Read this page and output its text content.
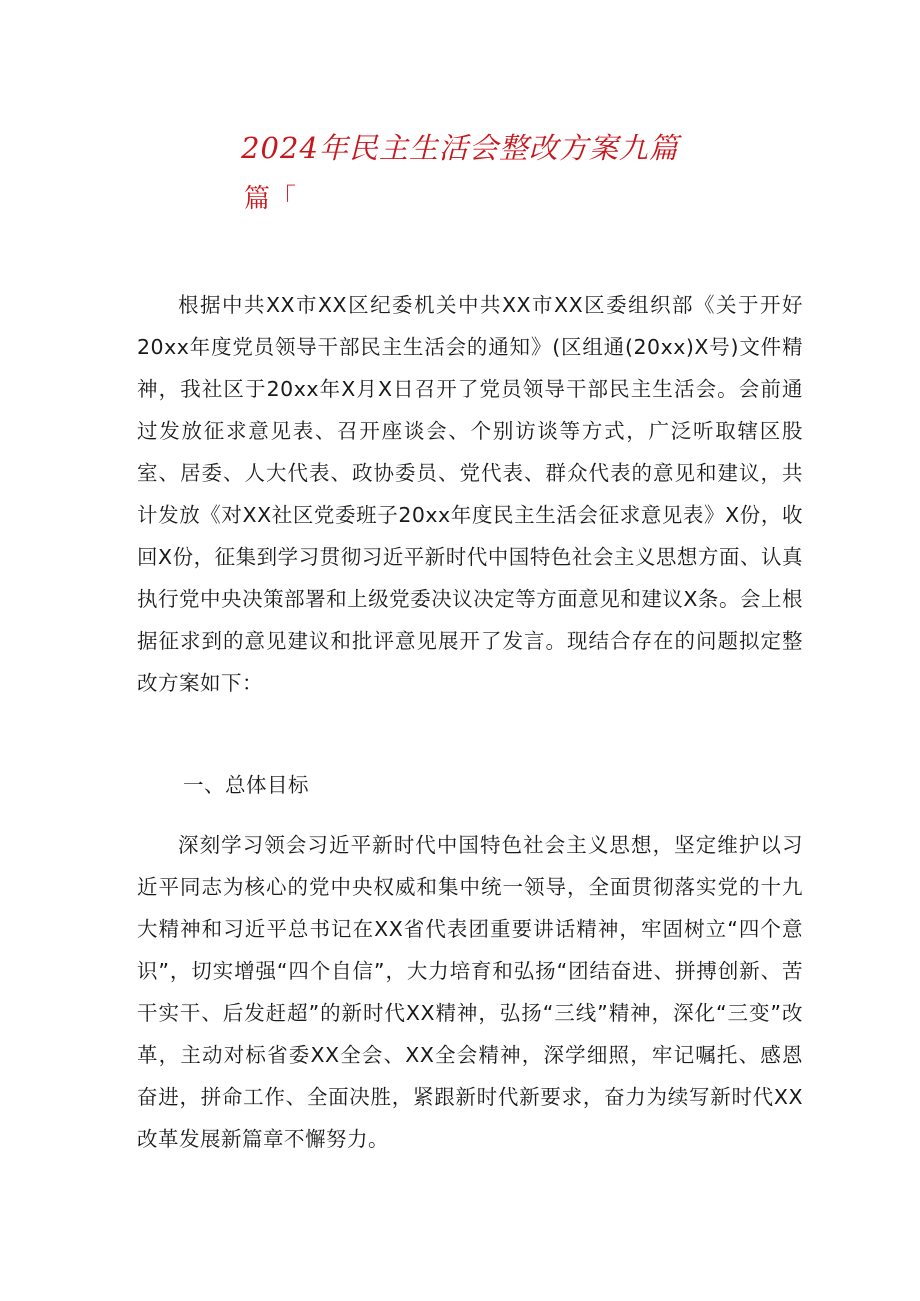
2024年民主生活会整改方案九篇
篇「

根据中共XX市XX区纪委机关中共XX市XX区委组织部《关于开好20xx年度党员领导干部民主生活会的通知》(区组通(20xx)X号)文件精神，我社区于20xx年X月X日召开了党员领导干部民主生活会。会前通过发放征求意见表、召开座谈会、个别访谈等方式，广泛听取辖区股室、居委、人大代表、政协委员、党代表、群众代表的意见和建议，共计发放《对XX社区党委班子20xx年度民主生活会征求意见表》X份，收回X份，征集到学习贯彻习近平新时代中国特色社会主义思想方面、认真执行党中央决策部署和上级党委决议决定等方面意见和建议X条。会上根据征求到的意见建议和批评意见展开了发言。现结合存在的问题拟定整改方案如下：

一、总体目标

深刻学习领会习近平新时代中国特色社会主义思想，坚定维护以习近平同志为核心的党中央权威和集中统一领导，全面贯彻落实党的十九大精神和习近平总书记在XX省代表团重要讲话精神，牢固树立“四个意识”，切实增强“四个自信”，大力培育和弘扬“团结奋进、拼搏创新、苦干实干、后发赶超”的新时代XX精神，弘扬“三线”精神，深化“三变”改革，主动对标省委XX全会、XX全会精神，深学细照，牢记嘱托、感恩奋进，拼命工作、全面决胜，紧跟新时代新要求，奋力为续写新时代XX改革发展新篇章不懈努力。
